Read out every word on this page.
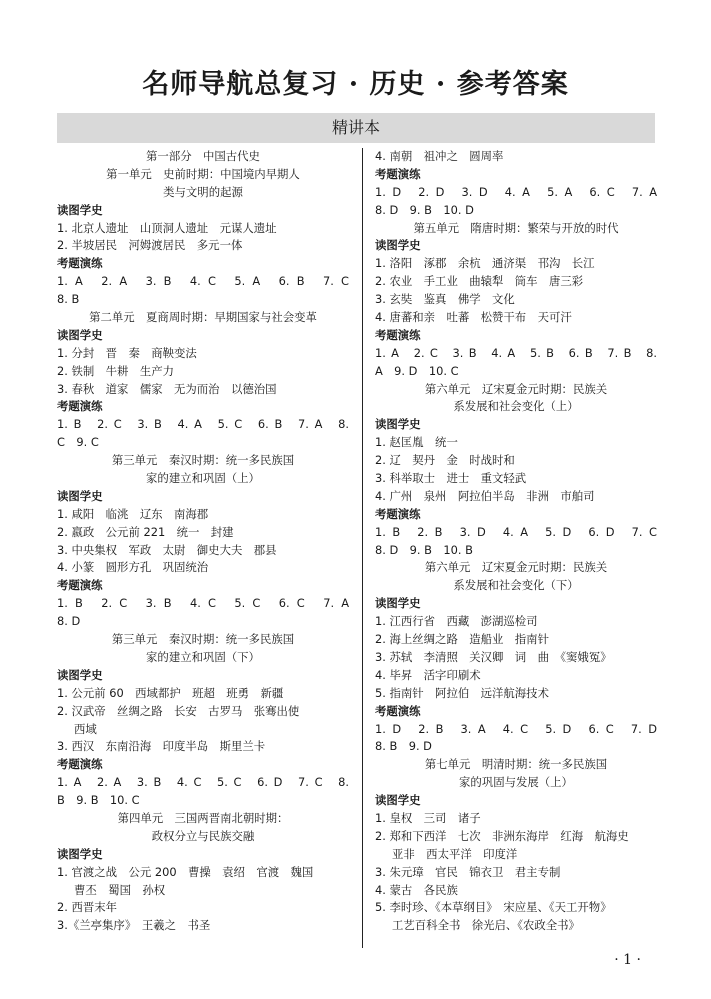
名师导航总复习 · 历史 · 参考答案
精讲本
第一部分　中国古代史
第一单元　史前时期：中国境内早期人
类与文明的起源
读图学史
1. 北京人遗址　山顶洞人遗址　元谋人遗址
2. 半坡居民　河姆渡居民　多元一体
考题演练
1. A　2. A　3. B　4. C　5. A　6. B　7. C
8. B
第二单元　夏商周时期：早期国家与社会变革
读图学史
1. 分封　晋　秦　商鞅变法
2. 铁制　牛耕　生产力
3. 春秋　道家　儒家　无为而治　以德治国
考题演练
1. B　2. C　3. B　4. A　5. C　6. B　7. A　8.
C　9. C
第三单元　秦汉时期：统一多民族国
家的建立和巩固（上）
读图学史
1. 咸阳　临洮　辽东　南海郡
2. 嬴政　公元前 221　统一　封建
3. 中央集权　军政　太尉　御史大夫　郡县
4. 小篆　圆形方孔　巩固统治
考题演练
1. B　2. C　3. B　4. C　5. C　6. C　7. A
8. D
第三单元　秦汉时期：统一多民族国
家的建立和巩固（下）
读图学史
1. 公元前 60　西域都护　班超　班勇　新疆
2. 汉武帝　丝绸之路　长安　古罗马　张骞出使
西域
3. 西汉　东南沿海　印度半岛　斯里兰卡
考题演练
1. A　2. A　3. B　4. C　5. C　6. D　7. C　8.
B　9. B　10. C
第四单元　三国两晋南北朝时期：
政权分立与民族交融
读图学史
1. 官渡之战　公元 200　曹操　袁绍　官渡　魏国
曹丕　蜀国　孙权
2. 西晋末年
3.《兰亭集序》　王羲之　书圣
4. 南朝　祖冲之　圆周率
考题演练
1. D　2. D　3. D　4. A　5. A　6. C　7. A
8. D　9. B　10. D
第五单元　隋唐时期：繁荣与开放的时代
读图学史
1. 洛阳　涿郡　余杭　通济渠　邗沟　长江
2. 农业　手工业　曲辕犁　筒车　唐三彩
3. 玄奘　鉴真　佛学　文化
4. 唐蕃和亲　吐蕃　松赞干布　天可汗
考题演练
1. A　2. C　3. B　4. A　5. B　6. B　7. B　8.
A　9. D　10. C
第六单元　辽宋夏金元时期：民族关
系发展和社会变化（上）
读图学史
1. 赵匡胤　统一
2. 辽　契丹　金　时战时和
3. 科举取士　进士　重文轻武
4. 广州　泉州　阿拉伯半岛　非洲　市舶司
考题演练
1. B　2. B　3. D　4. A　5. D　6. D　7. C
8. D　9. B　10. B
第六单元　辽宋夏金元时期：民族关
系发展和社会变化（下）
读图学史
1. 江西行省　西藏　澎湖巡检司
2. 海上丝绸之路　造船业　指南针
3. 苏轼　李清照　关汉卿　词　曲　《窦娥冤》
4. 毕昇　活字印刷术
5. 指南针　阿拉伯　远洋航海技术
考题演练
1. D　2. B　3. A　4. C　5. D　6. C　7. D
8. B　9. D
第七单元　明清时期：统一多民族国
家的巩固与发展（上）
读图学史
1. 皇权　三司　诸子
2. 郑和下西洋　七次　非洲东海岸　红海　航海史
亚非　西太平洋　印度洋
3. 朱元璋　官民　锦衣卫　君主专制
4. 蒙古　各民族
5. 李时珍、《本草纲目》　宋应星、《天工开物》
工艺百科全书　徐光启、《农政全书》
· 1 ·
